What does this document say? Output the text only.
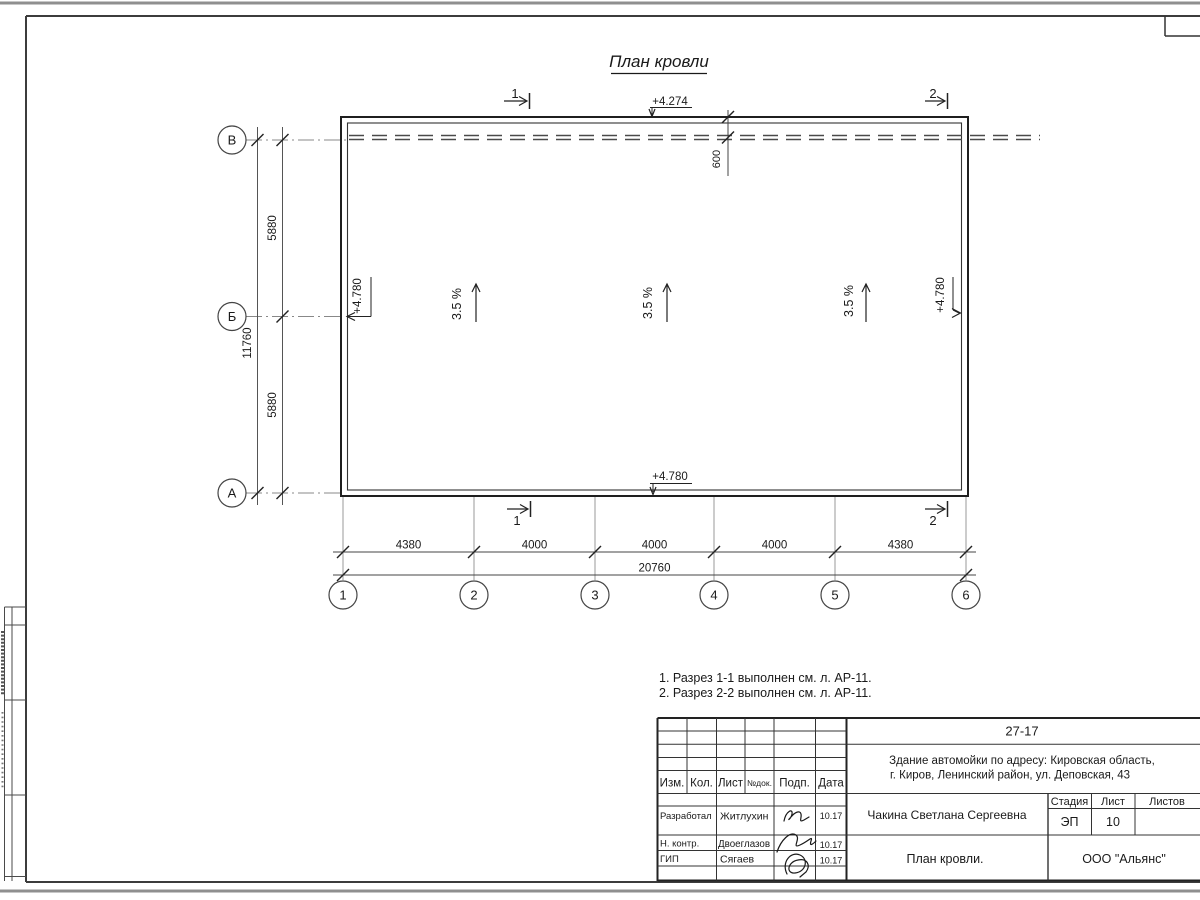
План кровли
5880
5880
11760
4380	4000	4000	4000	4380
20760
600
3.5 %	3.5 %	3.5 %
+4.274
+4.780
+4.780	+4.780
1	2
1	2
В
Б
А
1	2	3	4	5	6
1. Разрез 1-1 выполнен см. л. АР-11.
2. Разрез 2-2 выполнен см. л. АР-11.
Изм. Кол. Лист №док. Подп. Дата
Разработал Житлухин	10.17
Н. контр. Двоеглазов	10.17
ГИП	Сягаев	10.17
27-17
Здание автомойки по адресу: Кировская область,
г. Киров, Ленинский район, ул. Деповская, 43
Чакина Светлана Сергеевна
Стадия Лист Листов
ЭП 10
План кровли.	ООО "Альянс"
